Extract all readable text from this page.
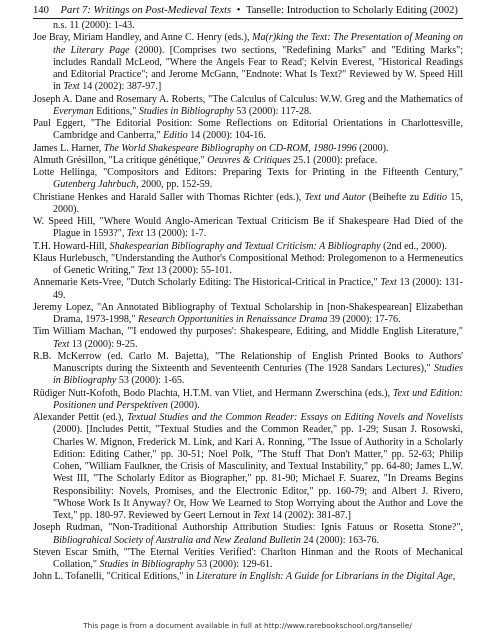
140 Part 7: Writings on Post-Medieval Texts • Tanselle: Introduction to Scholarly Editing (2002)

n.s. 11 (2000): 1-43.

Joe Bray, Miriam Handley, and Anne C. Henry (eds.), Ma(r)king the Text: The Presentation of Meaning on the Literary Page (2000). [Comprises two sections, "Redefining Marks" and "Editing Marks"; includes Randall McLeod, "Where the Angels Fear to Read'; Kelvin Everest, "Historical Readings and Editorial Practice"; and Jerome McGann, "Endnote: What Is Text?" Reviewed by W. Speed Hill in Text 14 (2002): 387-97.]

Joseph A. Dane and Rosemary A. Roberts, "The Calculus of Calculus: W.W. Greg and the Mathematics of Everyman Editions," Studies in Bibliography 53 (2000): 117-28.

Paul Eggert, "The Editorial Position: Some Reflections on Editorial Orientations in Charlottesville, Cambridge and Canberra," Editio 14 (2000): 104-16.

James L. Harner, The World Shakespeare Bibliography on CD-ROM, 1980-1996 (2000).

Almuth Grésillon, "La critique génétique," Oeuvres & Critiques 25.1 (2000): preface.

Lotte Hellinga, "Compositors and Editors: Preparing Texts for Printing in the Fifteenth Century," Gutenberg Jahrbuch, 2000, pp. 152-59.

Christiane Henkes and Harald Saller with Thomas Richter (eds.), Text und Autor (Beihefte zu Editio 15, 2000).

W. Speed Hill, "Where Would Anglo-American Textual Criticism Be if Shakespeare Had Died of the Plague in 1593?", Text 13 (2000): 1-7.

T.H. Howard-Hill, Shakespearian Bibliography and Textual Criticism: A Bibliography (2nd ed., 2000).

Klaus Hurlebusch, "Understanding the Author's Compositional Method: Prolegomenon to a Hermeneutics of Genetic Writing," Text 13 (2000): 55-101.

Annemarie Kets-Vree, "Dutch Scholarly Editing: The Historical-Critical in Practice," Text 13 (2000): 131-49.

Jeremy Lopez, "An Annotated Bibliography of Textual Scholarship in [non-Shakespearean] Elizabethan Drama, 1973-1998," Research Opportunities in Renaissance Drama 39 (2000): 17-76.

Tim William Machan, "'I endowed thy purposes': Shakespeare, Editing, and Middle English Literature," Text 13 (2000): 9-25.

R.B. McKerrow (ed. Carlo M. Bajetta), "The Relationship of English Printed Books to Authors' Manuscripts during the Sixteenth and Seventeenth Centuries (The 1928 Sandars Lectures)," Studies in Bibliography 53 (2000): 1-65.

Rüdiger Nutt-Kofoth, Bodo Plachta, H.T.M. van Vliet, and Hermann Zwerschina (eds.), Text und Edition: Positionen und Perspektiven (2000).

Alexander Pettit (ed.), Textual Studies and the Common Reader: Essays on Editing Novels and Novelists (2000). [Includes Pettit, "Textual Studies and the Common Reader," pp. 1-29; Susan J. Rosowski, Charles W. Mignon, Frederick M. Link, and Kari A. Ronning, "The Issue of Authority in a Scholarly Edition: Editing Cather," pp. 30-51; Noel Polk, "The Stuff That Don't Matter," pp. 52-63; Philip Cohen, "William Faulkner, the Crisis of Masculinity, and Textual Instability," pp. 64-80; James L.W. West III, "The Scholarly Editor as Biographer," pp. 81-90; Michael F. Suarez, "In Dreams Begins Responsibility: Novels, Promises, and the Electronic Editor," pp. 160-79; and Albert J. Rivero, "Whose Work Is It Anyway? Or, How We Learned to Stop Worrying about the Author and Love the Text," pp. 180-97. Reviewed by Geert Lernout in Text 14 (2002): 381-87.]

Joseph Rudman, "Non-Traditional Authorship Attribution Studies: Ignis Fatuus or Rosetta Stone?", Bibliograhical Society of Australia and New Zealand Bulletin 24 (2000): 163-76.

Steven Escar Smith, "'The Eternal Verities Verified': Charlton Hinman and the Roots of Mechanical Collation," Studies in Bibliography 53 (2000): 129-61.

John L. Tofanelli, "Critical Editions," in Literature in English: A Guide for Librarians in the Digital Age,

This page is from a document available in full at http://www.rarebookschool.org/tanselle/
